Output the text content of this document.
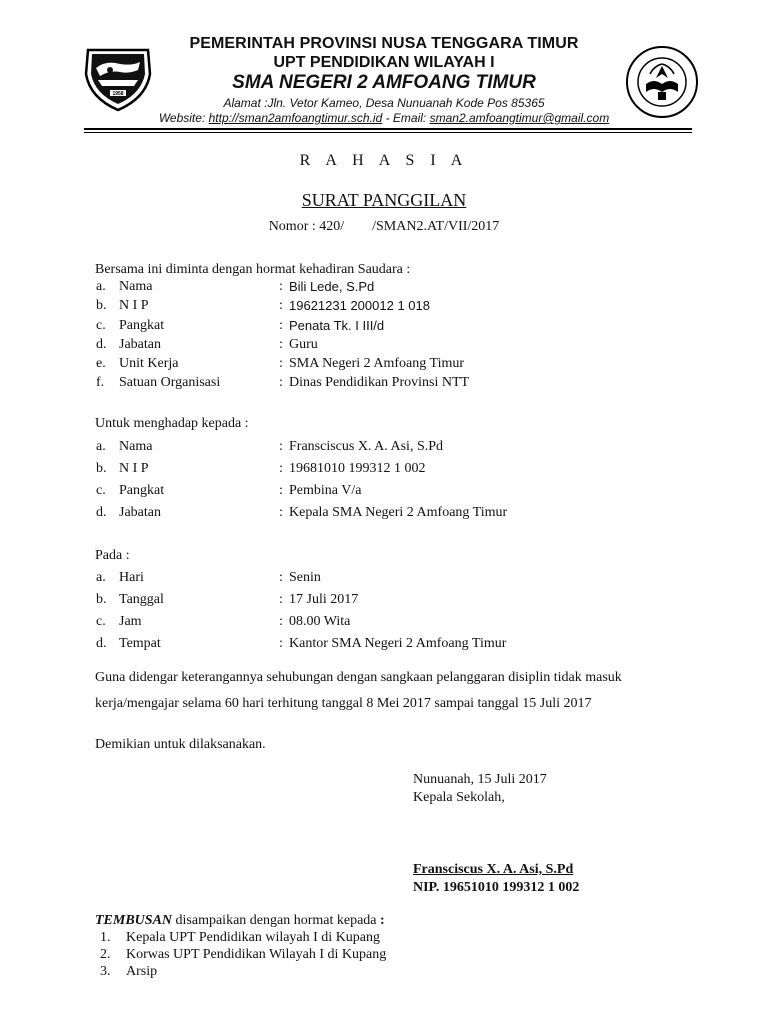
1958
PEMERINTAH PROVINSI NUSA TENGGARA TIMUR
UPT PENDIDIKAN WILAYAH I
SMA NEGERI 2 AMFOANG TIMUR
Alamat :Jln. Vetor Kameo, Desa Nunuanah Kode Pos 85365
Website: http://sman2amfoangtimur.sch.id - Email: sman2.amfoangtimur@gmail.com
R A H A S I A
SURAT PANGGILAN
Nomor : 420/        /SMAN2.AT/VII/2017
Bersama ini diminta dengan hormat kehadiran Saudara :
a. Nama	: Bili Lede, S.Pd
b. N I P	: 19621231 200012 1 018
c. Pangkat	: Penata Tk. I III/d
d. Jabatan	: Guru
e. Unit Kerja	: SMA Negeri 2 Amfoang Timur
f. Satuan Organisasi	: Dinas Pendidikan Provinsi NTT
Untuk menghadap kepada :
a. Nama	: Fransciscus X. A. Asi, S.Pd
b. N I P	: 19681010 199312 1 002
c. Pangkat	: Pembina V/a
d. Jabatan	: Kepala SMA Negeri 2 Amfoang Timur
Pada :
a. Hari	: Senin
b. Tanggal	: 17 Juli 2017
c. Jam	: 08.00 Wita
d. Tempat	: Kantor SMA Negeri 2 Amfoang Timur
Guna didengar keterangannya sehubungan dengan sangkaan pelanggaran disiplin tidak masuk
kerja/mengajar selama 60 hari terhitung tanggal 8 Mei 2017 sampai tanggal 15 Juli 2017
Demikian untuk dilaksanakan.
Nunuanah, 15 Juli 2017
Kepala Sekolah,
Fransciscus X. A. Asi, S.Pd
NIP. 19651010 199312 1 002
TEMBUSAN disampaikan dengan hormat kepada :
1. Kepala UPT Pendidikan wilayah I di Kupang
2. Korwas UPT Pendidikan Wilayah I di Kupang
3. Arsip
